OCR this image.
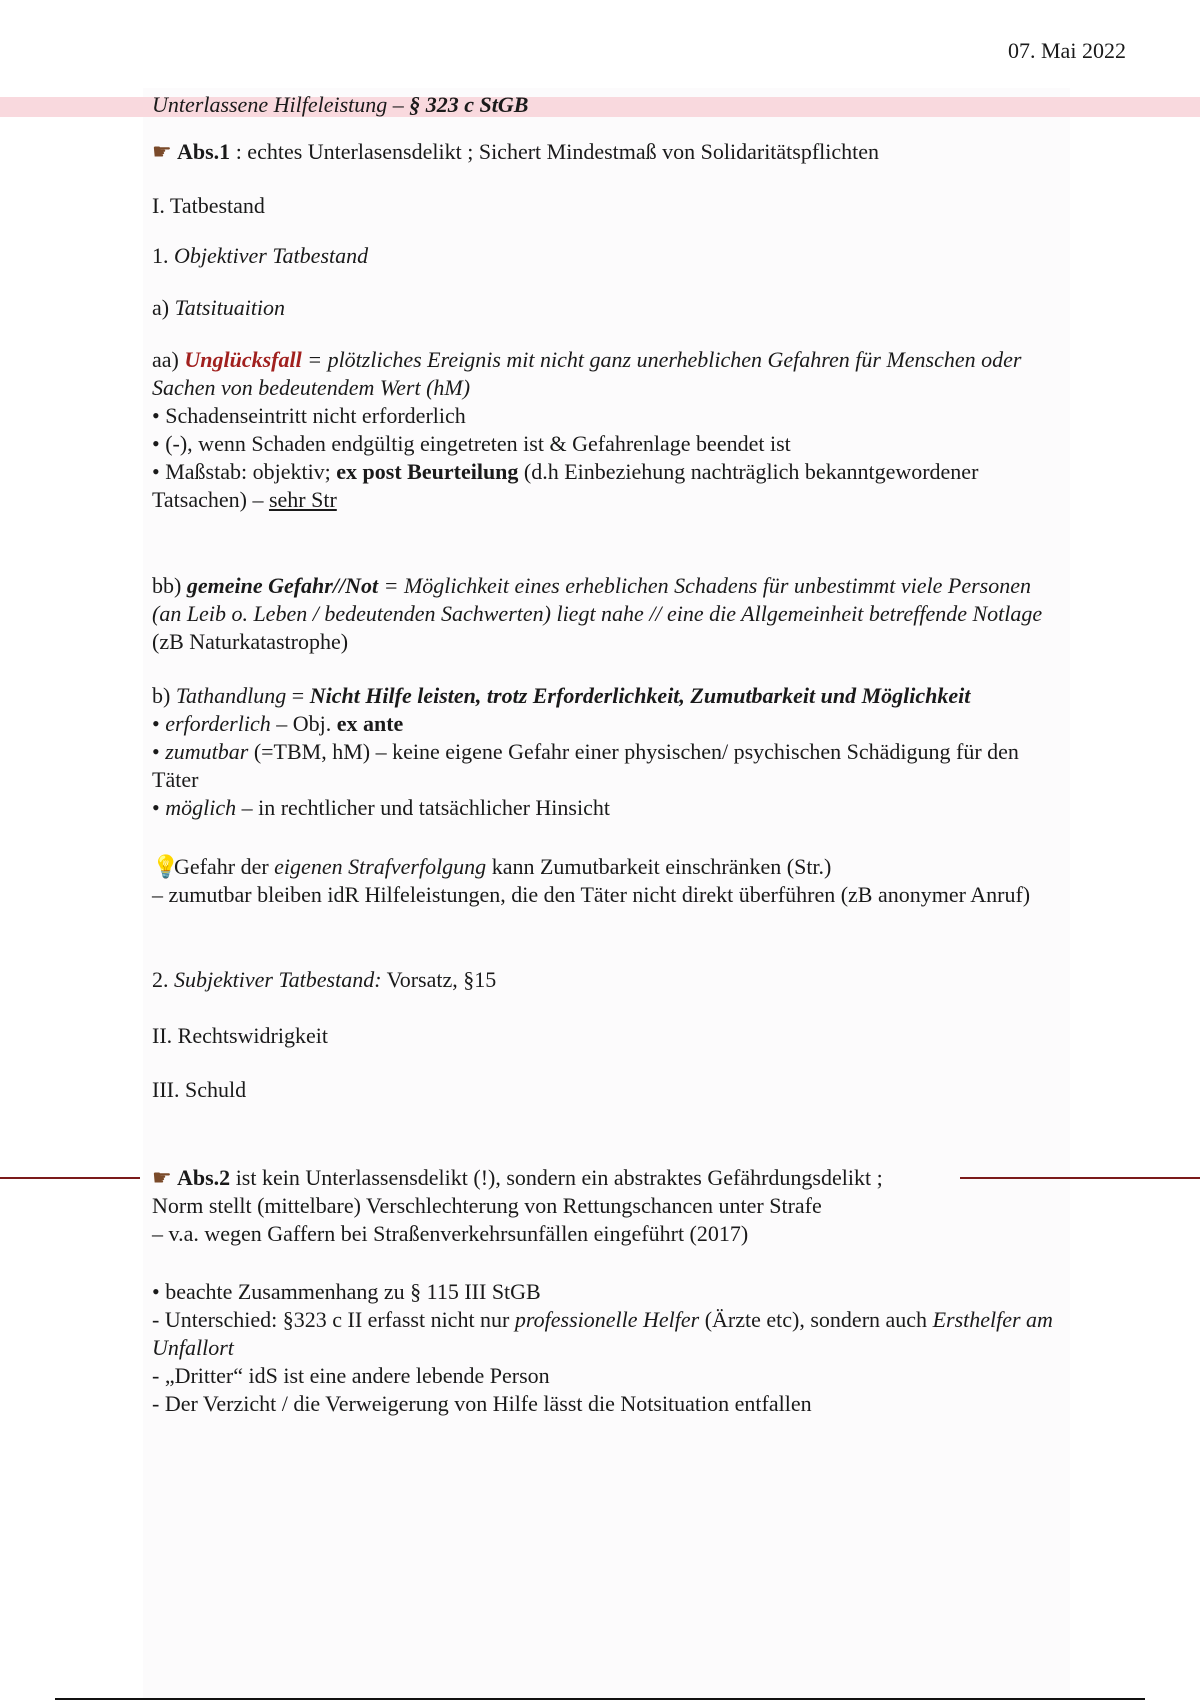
07. Mai 2022
Unterlassene Hilfeleistung – § 323 c StGB
☛ Abs.1 : echtes Unterlasensdelikt ; Sichert Mindestmaß von Solidaritätspflichten
I. Tatbestand
1. Objektiver Tatbestand
a) Tatsituaition
aa) Unglücksfall = plötzliches Ereignis mit nicht ganz unerheblichen Gefahren für Menschen oder Sachen von bedeutendem Wert (hM)
• Schadenseintritt nicht erforderlich
• (-), wenn Schaden endgültig eingetreten ist & Gefahrenlage beendet ist
• Maßstab: objektiv; ex post Beurteilung (d.h Einbeziehung nachträglich bekanntgewordener Tatsachen) – sehr Str
bb) gemeine Gefahr//Not = Möglichkeit eines erheblichen Schadens für unbestimmt viele Personen (an Leib o. Leben / bedeutenden Sachwerten) liegt nahe // eine die Allgemeinheit betreffende Notlage (zB Naturkatastrophe)
b) Tathandlung = Nicht Hilfe leisten, trotz Erforderlichkeit, Zumutbarkeit und Möglichkeit
• erforderlich – Obj. ex ante
• zumutbar (=TBM, hM) – keine eigene Gefahr einer physischen/ psychischen Schädigung für den Täter
• möglich – in rechtlicher und tatsächlicher Hinsicht
💡Gefahr der eigenen Strafverfolgung kann Zumutbarkeit einschränken (Str.)
– zumutbar bleiben idR Hilfeleistungen, die den Täter nicht direkt überführen (zB anonymer Anruf)
2. Subjektiver Tatbestand: Vorsatz, §15
II. Rechtswidrigkeit
III. Schuld
☛ Abs.2 ist kein Unterlassensdelikt (!), sondern ein abstraktes Gefährdungsdelikt ;
Norm stellt (mittelbare) Verschlechterung von Rettungschancen unter Strafe
– v.a. wegen Gaffern bei Straßenverkehrsunfällen eingeführt (2017)
• beachte Zusammenhang zu § 115 III StGB
- Unterschied: §323 c II erfasst nicht nur professionelle Helfer (Ärzte etc), sondern auch Ersthelfer am Unfallort
- „Dritter“ idS ist eine andere lebende Person
- Der Verzicht / die Verweigerung von Hilfe lässt die Notsituation entfallen
